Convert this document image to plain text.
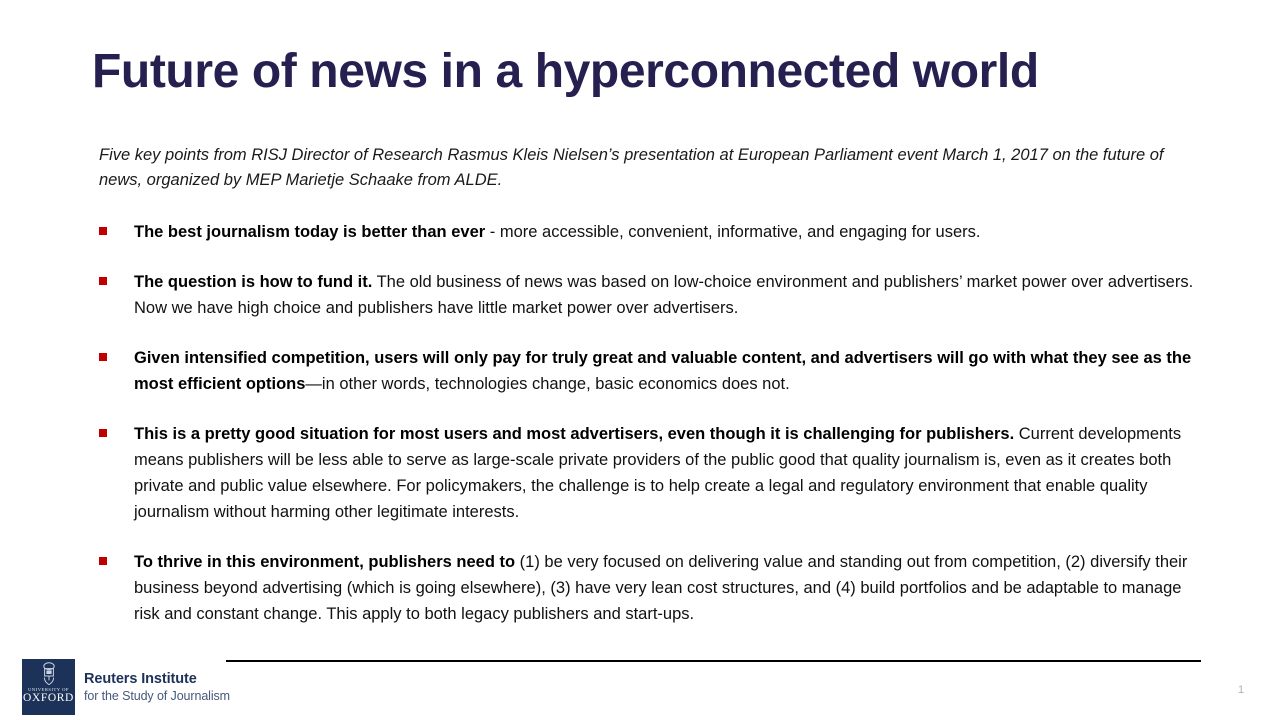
Future of news in a hyperconnected world
Five key points from RISJ Director of Research Rasmus Kleis Nielsen’s presentation at European Parliament event March 1, 2017 on the future of news, organized by MEP Marietje Schaake from ALDE.
The best journalism today is better than ever - more accessible, convenient, informative, and engaging for users.
The question is how to fund it. The old business of news was based on low-choice environment and publishers’ market power over advertisers. Now we have high choice and publishers have little market power over advertisers.
Given intensified competition, users will only pay for truly great and valuable content, and advertisers will go with what they see as the most efficient options—in other words, technologies change, basic economics does not.
This is a pretty good situation for most users and most advertisers, even though it is challenging for publishers. Current developments means publishers will be less able to serve as large-scale private providers of the public good that quality journalism is, even as it creates both private and public value elsewhere. For policymakers, the challenge is to help create a legal and regulatory environment that enable quality journalism without harming other legitimate interests.
To thrive in this environment, publishers need to (1) be very focused on delivering value and standing out from competition, (2) diversify their business beyond advertising (which is going elsewhere), (3) have very lean cost structures, and (4) build portfolios and be adaptable to manage risk and constant change. This apply to both legacy publishers and start-ups.
UNIVERSITY OF
OXFORD
Reuters Institute
for the Study of Journalism	1
